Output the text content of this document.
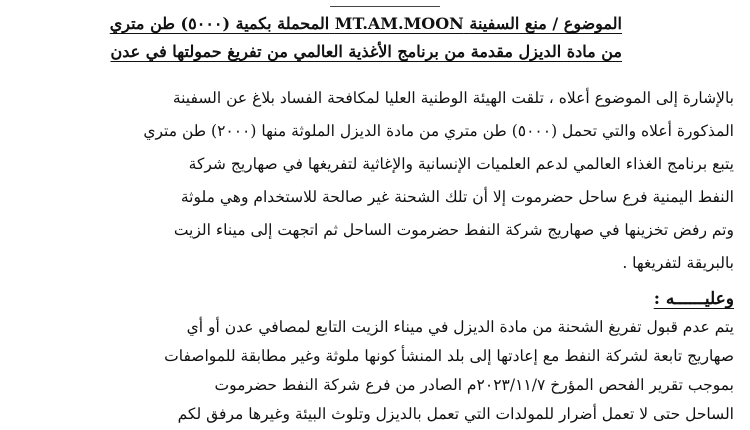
الموضوع / منع السفينة MT.AM.MOON المحملة بكمية (٥٠٠٠) طن متري
من مادة الديزل مقدمة من برنامج الأغذية العالمي من تفريغ حمولتها في عدن
بالإشارة إلى الموضوع أعلاه ، تلقت الهيئة الوطنية العليا لمكافحة الفساد بلاغ عن السفينة
المذكورة أعلاه والتي تحمل (٥٠٠٠) طن متري من مادة الديزل الملوثة منها (٢٠٠٠) طن متري
يتبع برنامج الغذاء العالمي لدعم العلميات الإنسانية والإغاثية لتفريغها في صهاريج شركة
النفط اليمنية فرع ساحل حضرموت إلا أن تلك الشحنة غير صالحة للاستخدام وهي ملوثة
وتم رفض تخزينها في صهاريج شركة النفط حضرموت الساحل ثم اتجهت إلى ميناء الزيت
بالبريقة لتفريغها .
وعليــــــه :
يتم عدم قبول تفريغ الشحنة من مادة الديزل في ميناء الزيت التابع لمصافي عدن أو أي
صهاريج تابعة لشركة النفط مع إعادتها إلى بلد المنشأ كونها ملوثة وغير مطابقة للمواصفات
بموجب تقرير الفحص المؤرخ ٢٠٢٣/١١/٧م الصادر من فرع شركة النفط حضرموت
الساحل حتى لا تعمل أضرار للمولدات التي تعمل بالديزل وتلوث البيئة وغيرها مرفق لكم
